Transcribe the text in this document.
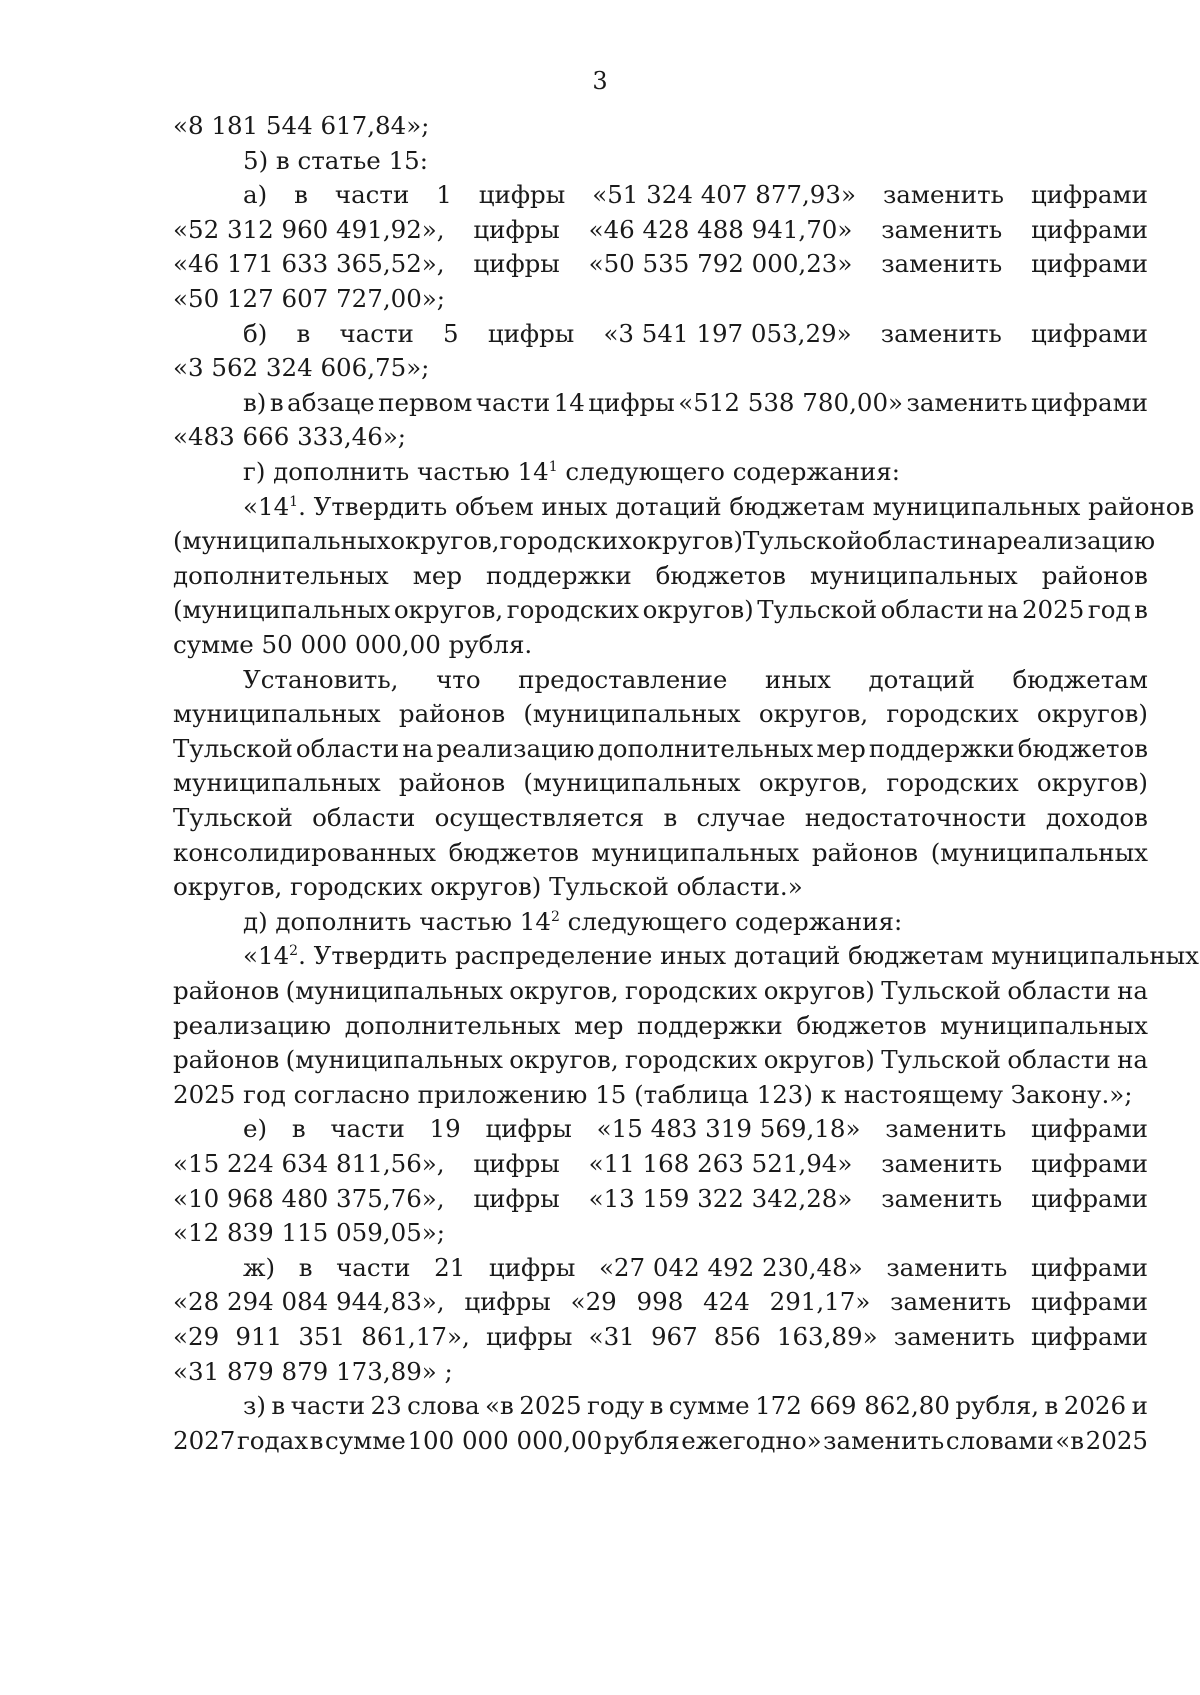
3
«8 181 544 617,84»;
5) в статье 15:
а) в части 1 цифры «51 324 407 877,93» заменить цифрами
«52 312 960 491,92», цифры «46 428 488 941,70» заменить цифрами
«46 171 633 365,52», цифры «50 535 792 000,23» заменить цифрами
«50 127 607 727,00»;
б) в части 5 цифры «3 541 197 053,29» заменить цифрами
«3 562 324 606,75»;
в) в абзаце первом части 14 цифры «512 538 780,00» заменить цифрами
«483 666 333,46»;
г) дополнить частью $14^1$ следующего содержания:
«$14^1$. Утвердить объем иных дотаций бюджетам муниципальных районов
(муниципальных округов, городских округов) Тульской области на реализацию
дополнительных мер поддержки бюджетов муниципальных районов
(муниципальных округов, городских округов) Тульской области на 2025 год в
сумме 50 000 000,00 рубля.
Установить, что предоставление иных дотаций бюджетам
муниципальных районов (муниципальных округов, городских округов)
Тульской области на реализацию дополнительных мер поддержки бюджетов
муниципальных районов (муниципальных округов, городских округов)
Тульской области осуществляется в случае недостаточности доходов
консолидированных бюджетов муниципальных районов (муниципальных
округов, городских округов) Тульской области.»
д) дополнить частью $14^2$ следующего содержания:
«$14^2$. Утвердить распределение иных дотаций бюджетам муниципальных
районов (муниципальных округов, городских округов) Тульской области на
реализацию дополнительных мер поддержки бюджетов муниципальных
районов (муниципальных округов, городских округов) Тульской области на
2025 год согласно приложению 15 (таблица 123) к настоящему Закону.»;
е) в части 19 цифры «15 483 319 569,18» заменить цифрами
«15 224 634 811,56», цифры «11 168 263 521,94» заменить цифрами
«10 968 480 375,76», цифры «13 159 322 342,28» заменить цифрами
«12 839 115 059,05»;
ж) в части 21 цифры «27 042 492 230,48» заменить цифрами
«28 294 084 944,83», цифры «29 998 424 291,17» заменить цифрами
«29 911 351 861,17», цифры «31 967 856 163,89» заменить цифрами
«31 879 879 173,89» ;
з) в части 23 слова «в 2025 году в сумме 172 669 862,80 рубля, в 2026 и
2027 годах в сумме 100 000 000,00 рубля ежегодно» заменить словами «в 2025
